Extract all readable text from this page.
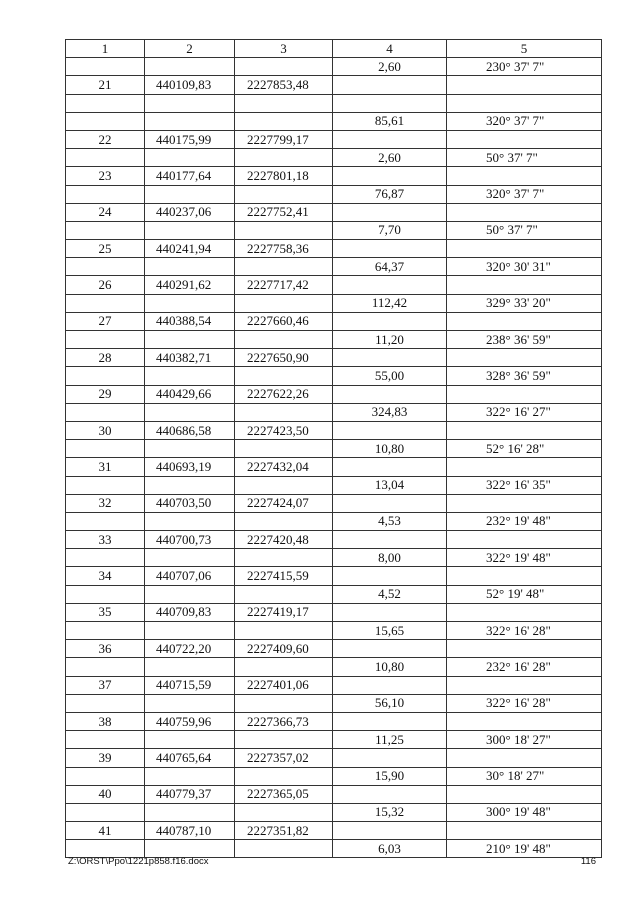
1	2	3	4	5
			2,60	230° 37' 7"
21	440109,83	2227853,48		

			85,61	320° 37' 7"
22	440175,99	2227799,17		
			2,60	50° 37' 7"
23	440177,64	2227801,18		
			76,87	320° 37' 7"
24	440237,06	2227752,41		
			7,70	50° 37' 7"
25	440241,94	2227758,36		
			64,37	320° 30' 31"
26	440291,62	2227717,42		
			112,42	329° 33' 20"
27	440388,54	2227660,46		
			11,20	238° 36' 59"
28	440382,71	2227650,90		
			55,00	328° 36' 59"
29	440429,66	2227622,26		
			324,83	322° 16' 27"
30	440686,58	2227423,50		
			10,80	52° 16' 28"
31	440693,19	2227432,04		
			13,04	322° 16' 35"
32	440703,50	2227424,07		
			4,53	232° 19' 48"
33	440700,73	2227420,48		
			8,00	322° 19' 48"
34	440707,06	2227415,59		
			4,52	52° 19' 48"
35	440709,83	2227419,17		
			15,65	322° 16' 28"
36	440722,20	2227409,60		
			10,80	232° 16' 28"
37	440715,59	2227401,06		
			56,10	322° 16' 28"
38	440759,96	2227366,73		
			11,25	300° 18' 27"
39	440765,64	2227357,02		
			15,90	30° 18' 27"
40	440779,37	2227365,05		
			15,32	300° 19' 48"
41	440787,10	2227351,82		
			6,03	210° 19' 48"
Z:\ORST\Ppo\1221p858.f16.docx	116
